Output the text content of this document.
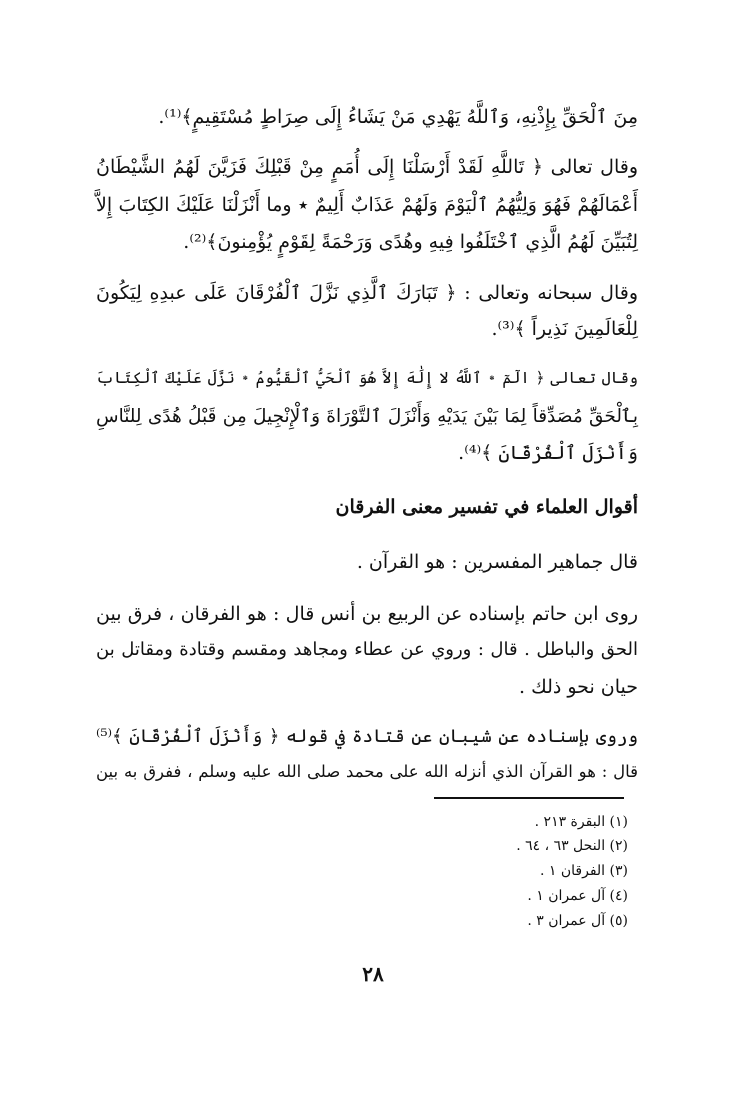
مِنَ ٱلْحَقِّ بِإِذْنِهِ، وَٱللَّهُ يَهْدِي مَنْ يَشَاءُ إِلَى صِرَاطٍ مُسْتَقِيمٍ﴾⁽¹⁾.
وقال تعالى ﴿ تَاللَّهِ لَقَدْ أَرْسَلْنَا إِلَى أُمَمٍ مِنْ قَبْلِكَ فَزَيَّنَ لَهُمُ الشَّيْطَانُ
أَعْمَالَهُمْ فَهُوَ وَلِيُّهُمُ ٱلْيَوْمَ وَلَهُمْ عَذَابٌ أَلِيمٌ ٭ وما أَنْزَلْنَا عَلَيْكَ الكِتَابَ إِلاَّ
لِتُبَيِّنَ لَهُمُ الَّذِي ٱخْتَلَفُوا فِيهِ وهُدًى وَرَحْمَةً لِقَوْمٍ يُؤْمِنونَ﴾⁽²⁾.
وقال سبحانه وتعالى : ﴿ تَبَارَكَ ٱلَّذِي نَزَّلَ ٱلْفُرْقَانَ عَلَى عبدِهِ لِيَكُونَ
لِلْعَالَمِينَ نَذِيراً ﴾⁽³⁾.
وقال تعالى ﴿ الٓمٓ ٭ ٱللَّهُ لا إِلَٰهَ إِلاَّ هُوَ ٱلْحَيُّ ٱلْقَيُّومُ ٭ نَزَّلَ عَلَيْكَ ٱلْكِتَابَ
بِٱلْحَقِّ مُصَدِّقاً لِمَا بَيْنَ يَدَيْهِ وَأَنْزَلَ ٱلتَّوْرَاةَ وَٱلْإِنْجِيلَ مِن قَبْلُ هُدًى لِلنَّاسِ
وَأَنْزَلَ ٱلْفُرْقَانَ ﴾⁽⁴⁾.
أقوال العلماء في تفسير معنى الفرقان
قال جماهير المفسرين : هو القرآن .
روى ابن حاتم بإسناده عن الربيع بن أنس قال : هو الفرقان ، فرق بين
الحق والباطل . قال : وروي عن عطاء ومجاهد ومقسم وقتادة ومقاتل بن
حيان نحو ذلك .
وروى بإسناده عن شيبان عن قتادة في قوله ﴿ وَأَنْزَلَ ٱلْفُرْقَانَ ﴾⁽⁵⁾
قال : هو القرآن الذي أنزله الله على محمد صلى الله عليه وسلم ، ففرق به بين
(١) البقرة ٢١٣ .
(٢) النحل ٦٣ ، ٦٤ .
(٣) الفرقان ١ .
(٤) آل عمران ١ .
(٥) آل عمران ٣ .
٢٨
